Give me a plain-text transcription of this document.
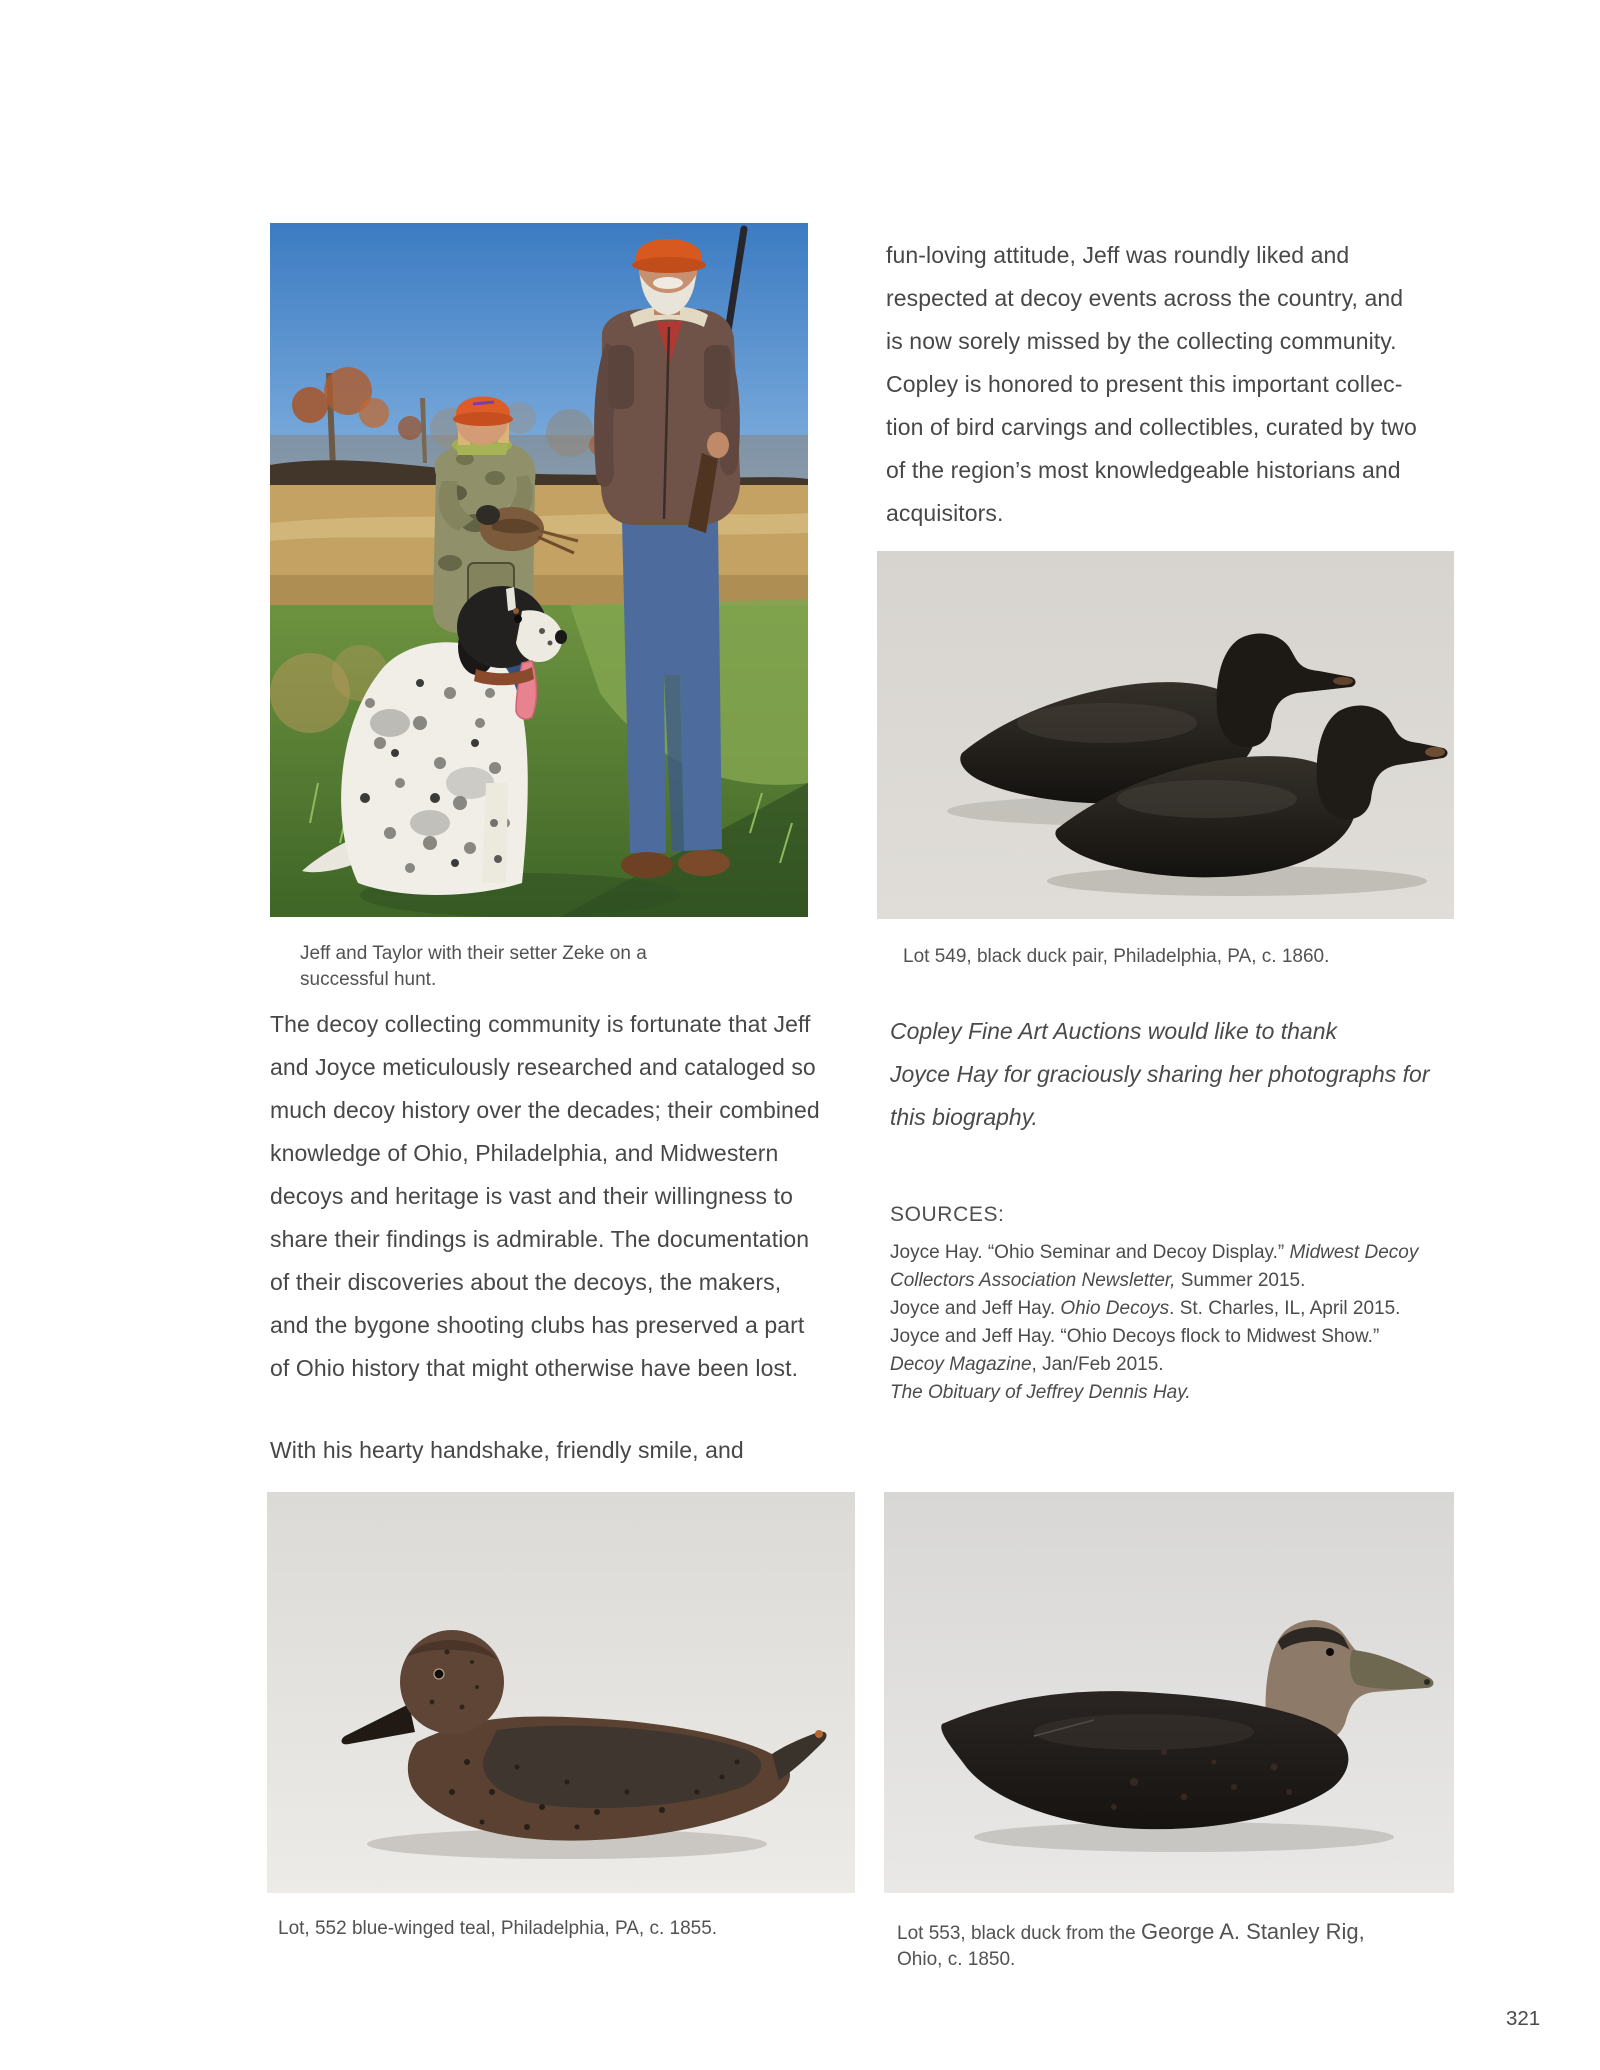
Jeff and Taylor with their setter Zeke on a
successful hunt.

fun-loving attitude, Jeff was roundly liked and
respected at decoy events across the country, and
is now sorely missed by the collecting community.
Copley is honored to present this important collec-
tion of bird carvings and collectibles, curated by two
of the region’s most knowledgeable historians and
acquisitors.

Lot 549, black duck pair, Philadelphia, PA, c. 1860.

The decoy collecting community is fortunate that Jeff
and Joyce meticulously researched and cataloged so
much decoy history over the decades; their combined
knowledge of Ohio, Philadelphia, and Midwestern
decoys and heritage is vast and their willingness to
share their findings is admirable. The documentation
of their discoveries about the decoys, the makers,
and the bygone shooting clubs has preserved a part
of Ohio history that might otherwise have been lost.

With his hearty handshake, friendly smile, and

Copley Fine Art Auctions would like to thank
Joyce Hay for graciously sharing her photographs for
this biography.

SOURCES:

Joyce Hay. “Ohio Seminar and Decoy Display.” Midwest Decoy
Collectors Association Newsletter, Summer 2015.

Joyce and Jeff Hay. Ohio Decoys. St. Charles, IL, April 2015.

Joyce and Jeff Hay. “Ohio Decoys flock to Midwest Show.”
Decoy Magazine, Jan/Feb 2015.

The Obituary of Jeffrey Dennis Hay.

Lot, 552 blue-winged teal, Philadelphia, PA, c. 1855.	Lot 553, black duck from the George A. Stanley Rig,
Ohio, c. 1850.

321
